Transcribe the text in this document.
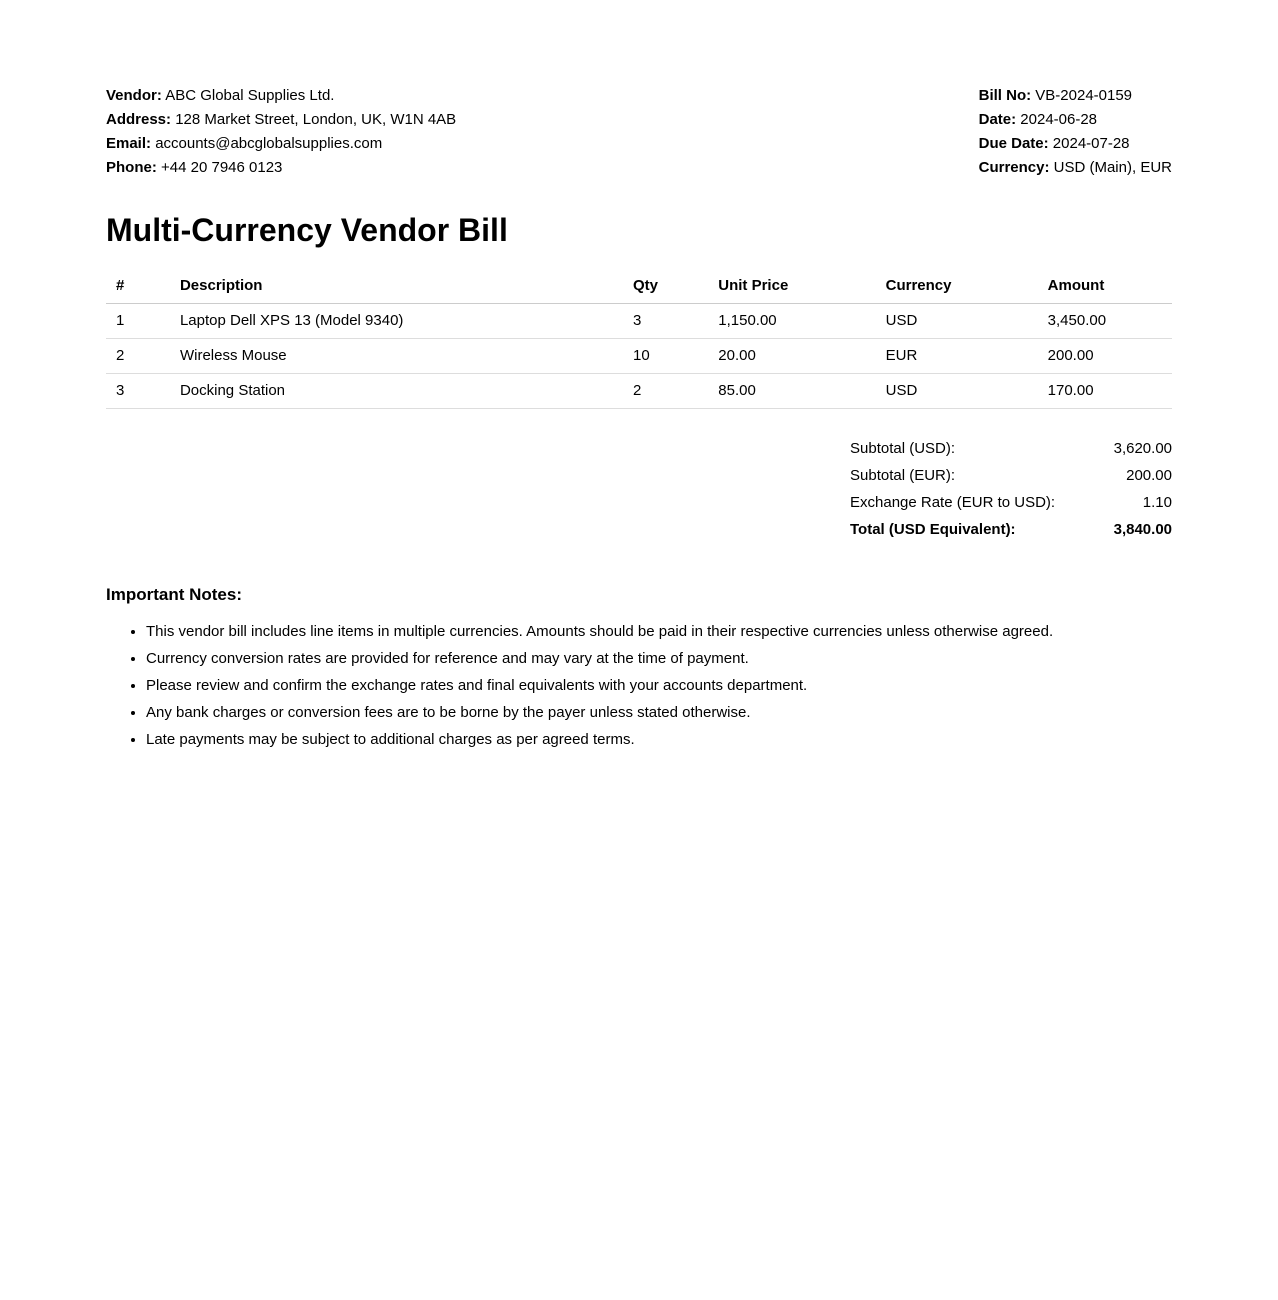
Vendor: ABC Global Supplies Ltd.

Address: 128 Market Street, London, UK, W1N 4AB

Email: accounts@abcglobalsupplies.com

Phone: +44 20 7946 0123

Bill No: VB-2024-0159

Date: 2024-06-28

Due Date: 2024-07-28

Currency: USD (Main), EUR

Multi-Currency Vendor Bill
#	Description	Qty	Unit Price	Currency	Amount
1	Laptop Dell XPS 13 (Model 9340)	3	1,150.00	USD	3,450.00
2	Wireless Mouse	10	20.00	EUR	200.00
3	Docking Station	2	85.00	USD	170.00
Subtotal (USD):	3,620.00
Subtotal (EUR):	200.00
Exchange Rate (EUR to USD):	1.10
Total (USD Equivalent):	3,840.00
Important Notes:
• This vendor bill includes line items in multiple currencies. Amounts should be paid in their respective currencies unless otherwise agreed.
• Currency conversion rates are provided for reference and may vary at the time of payment.
• Please review and confirm the exchange rates and final equivalents with your accounts department.
• Any bank charges or conversion fees are to be borne by the payer unless stated otherwise.
• Late payments may be subject to additional charges as per agreed terms.
